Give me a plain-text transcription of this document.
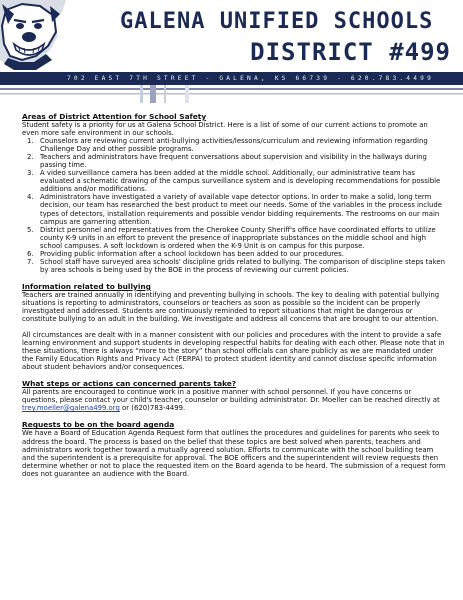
GALENA UNIFIED SCHOOLS
DISTRICT #499
702 EAST 7TH STREET - GALENA, KS 66739 - 620.783.4499
Areas of District Attention for School Safety

Student safety is a priority for us at Galena School District. Here is a list of some of our current actions to promote an even more safe environment in our schools.

1. Counselors are reviewing current anti-bullying activities/lessons/curriculum and reviewing information regarding Challenge Day and other possible programs.
2. Teachers and administrators have frequent conversations about supervision and visibility in the hallways during passing time.
3. A video surveillance camera has been added at the middle school. Additionally, our administrative team has evaluated a schematic drawing of the campus surveillance system and is developing recommendations for possible additions and/or modifications.
4. Administrators have investigated a variety of available vape detector options. In order to make a solid, long term decision, our team has researched the best product to meet our needs. Some of the variables in the process include types of detectors, installation requirements and possible vendor bidding requirements. The restrooms on our main campus are garnering attention.
5. District personnel and representatives from the Cherokee County Sheriff's office have coordinated efforts to utilize county K-9 units in an effort to prevent the presence of inappropriate substances on the middle school and high school campuses. A soft lockdown is ordered when the K-9 Unit is on campus for this purpose.
6. Providing public information after a school lockdown has been added to our procedures.
7. School staff have surveyed area schools' discipline grids related to bullying. The comparison of discipline steps taken by area schools is being used by the BOE in the process of reviewing our current policies.
Information related to bullying

Teachers are trained annually in identifying and preventing bullying in schools. The key to dealing with potential bullying situations is reporting to administrators, counselors or teachers as soon as possible so the incident can be properly investigated and addressed. Students are continuously reminded to report situations that might be dangerous or constitute bullying to an adult in the building. We investigate and address all concerns that are brought to our attention.

All circumstances are dealt with in a manner consistent with our policies and procedures with the intent to provide a safe learning environment and support students in developing respectful habits for dealing with each other. Please note that in these situations, there is always “more to the story” than school officials can share publicly as we are mandated under the Family Education Rights and Privacy Act (FERPA) to protect student identity and cannot disclose specific information about student behaviors and/or consequences.

What steps or actions can concerned parents take?

All parents are encouraged to continue work in a positive manner with school personnel. If you have concerns or questions, please contact your child's teacher, counselor or building administrator. Dr. Moeller can be reached directly at trey.moeller@galena499.org or (620)783-4499.

Requests to be on the board agenda

We have a Board of Education Agenda Request form that outlines the procedures and guidelines for parents who seek to address the board. The process is based on the belief that these topics are best solved when parents, teachers and administrators work together toward a mutually agreed solution. Efforts to communicate with the school building team and the superintendent is a prerequisite for approval. The BOE officers and the superintendent will review requests then determine whether or not to place the requested item on the Board agenda to be heard. The submission of a request form does not guarantee an audience with the Board.
